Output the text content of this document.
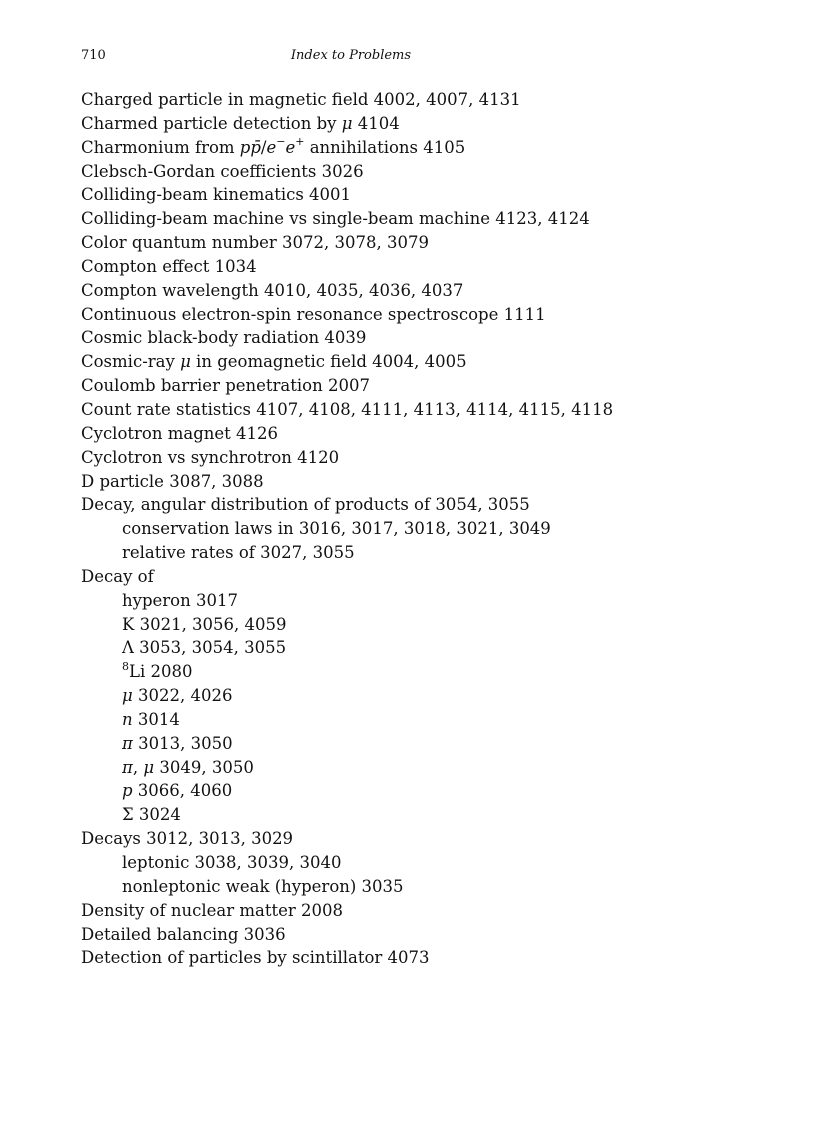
710	Index to Problems
Charged particle in magnetic field 4002, 4007, 4131
Charmed particle detection by μ 4104
Charmonium from pp̄/e−e+ annihilations 4105
Clebsch-Gordan coefficients 3026
Colliding-beam kinematics 4001
Colliding-beam machine vs single-beam machine 4123, 4124
Color quantum number 3072, 3078, 3079
Compton effect 1034
Compton wavelength 4010, 4035, 4036, 4037
Continuous electron-spin resonance spectroscope 1111
Cosmic black-body radiation 4039
Cosmic-ray μ in geomagnetic field 4004, 4005
Coulomb barrier penetration 2007
Count rate statistics 4107, 4108, 4111, 4113, 4114, 4115, 4118
Cyclotron magnet 4126
Cyclotron vs synchrotron 4120
D particle 3087, 3088
Decay, angular distribution of products of 3054, 3055
conservation laws in 3016, 3017, 3018, 3021, 3049
relative rates of 3027, 3055
Decay of
hyperon 3017
K 3021, 3056, 4059
Λ 3053, 3054, 3055
$^8$Li 2080
μ 3022, 4026
n 3014
π 3013, 3050
π, μ 3049, 3050
p 3066, 4060
Σ 3024
Decays 3012, 3013, 3029
leptonic 3038, 3039, 3040
nonleptonic weak (hyperon) 3035
Density of nuclear matter 2008
Detailed balancing 3036
Detection of particles by scintillator 4073
